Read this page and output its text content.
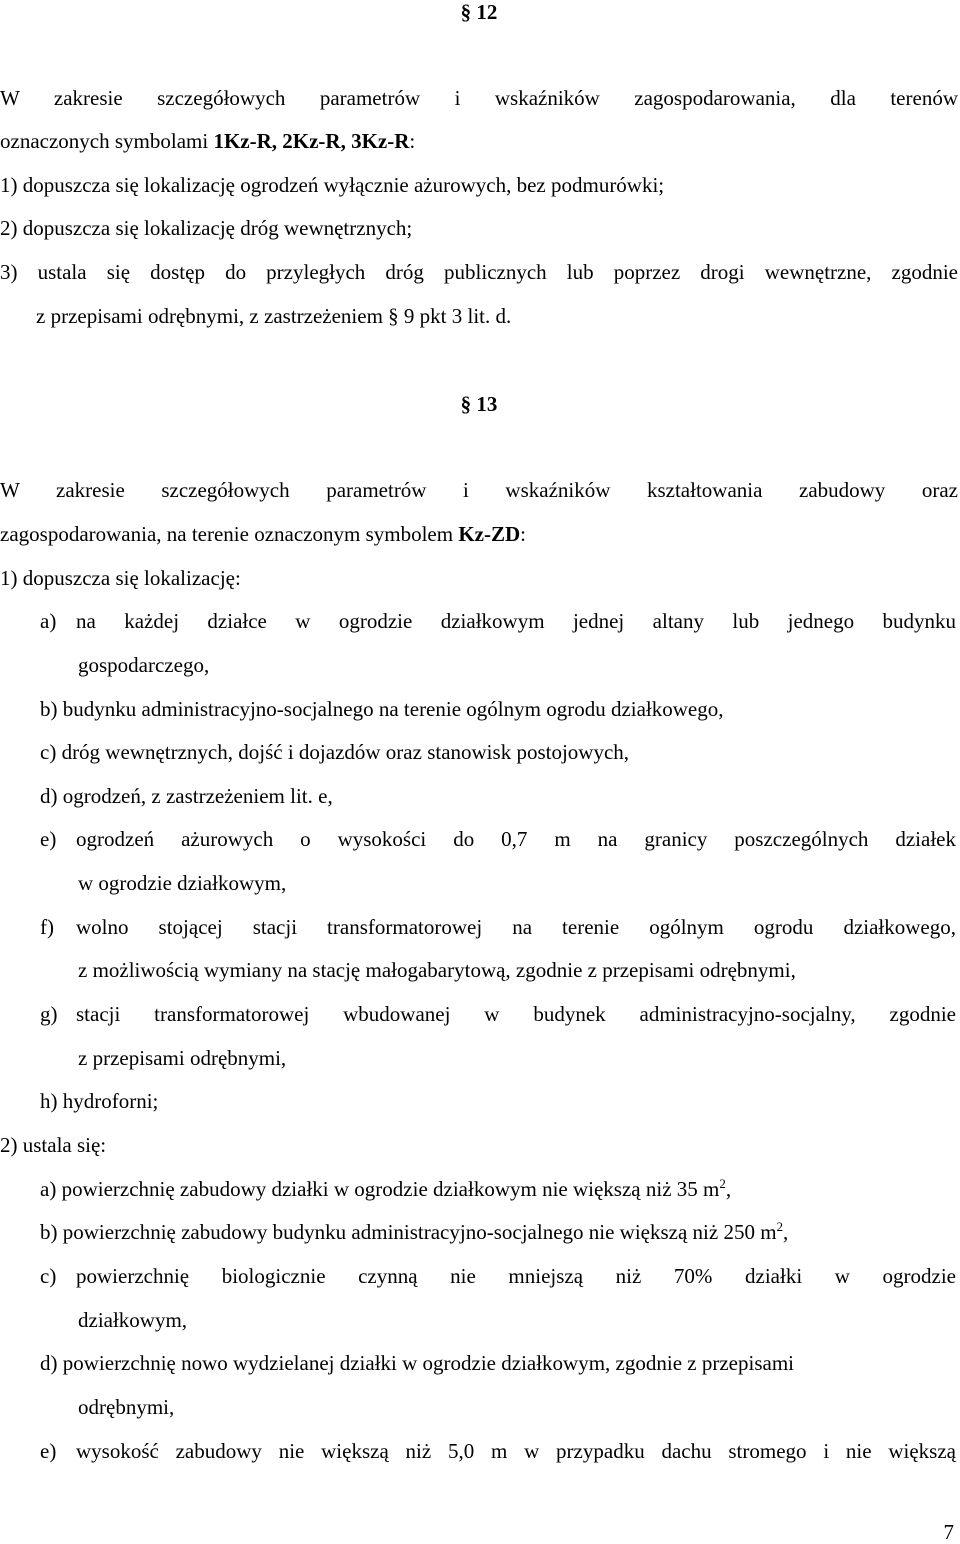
§ 12
W zakresie szczegółowych parametrów i wskaźników zagospodarowania, dla terenów
oznaczonych symbolami 1Kz-R, 2Kz-R, 3Kz-R:
1) dopuszcza się lokalizację ogrodzeń wyłącznie ażurowych, bez podmurówki;
2) dopuszcza się lokalizację dróg wewnętrznych;
3) ustala się dostęp do przyległych dróg publicznych lub poprzez drogi wewnętrzne, zgodnie
z przepisami odrębnymi, z zastrzeżeniem § 9 pkt 3 lit. d.
§ 13
W zakresie szczegółowych parametrów i wskaźników kształtowania zabudowy oraz
zagospodarowania, na terenie oznaczonym symbolem Kz-ZD:
1) dopuszcza się lokalizację:
a) na każdej działce w ogrodzie działkowym jednej altany lub jednego budynku
gospodarczego,
b) budynku administracyjno-socjalnego na terenie ogólnym ogrodu działkowego,
c) dróg wewnętrznych, dojść i dojazdów oraz stanowisk postojowych,
d) ogrodzeń, z zastrzeżeniem lit. e,
e) ogrodzeń ażurowych o wysokości do 0,7 m na granicy poszczególnych działek
w ogrodzie działkowym,
f) wolno stojącej stacji transformatorowej na terenie ogólnym ogrodu działkowego,
z możliwością wymiany na stację małogabarytową, zgodnie z przepisami odrębnymi,
g) stacji transformatorowej wbudowanej w budynek administracyjno-socjalny, zgodnie
z przepisami odrębnymi,
h) hydroforni;
2) ustala się:
a) powierzchnię zabudowy działki w ogrodzie działkowym nie większą niż 35 $m^2$,
b) powierzchnię zabudowy budynku administracyjno-socjalnego nie większą niż 250 $m^2$,
c) powierzchnię biologicznie czynną nie mniejszą niż 70% działki w ogrodzie
działkowym,
d) powierzchnię nowo wydzielanej działki w ogrodzie działkowym, zgodnie z przepisami
odrębnymi,
e) wysokość zabudowy nie większą niż 5,0 m w przypadku dachu stromego i nie większą
7
